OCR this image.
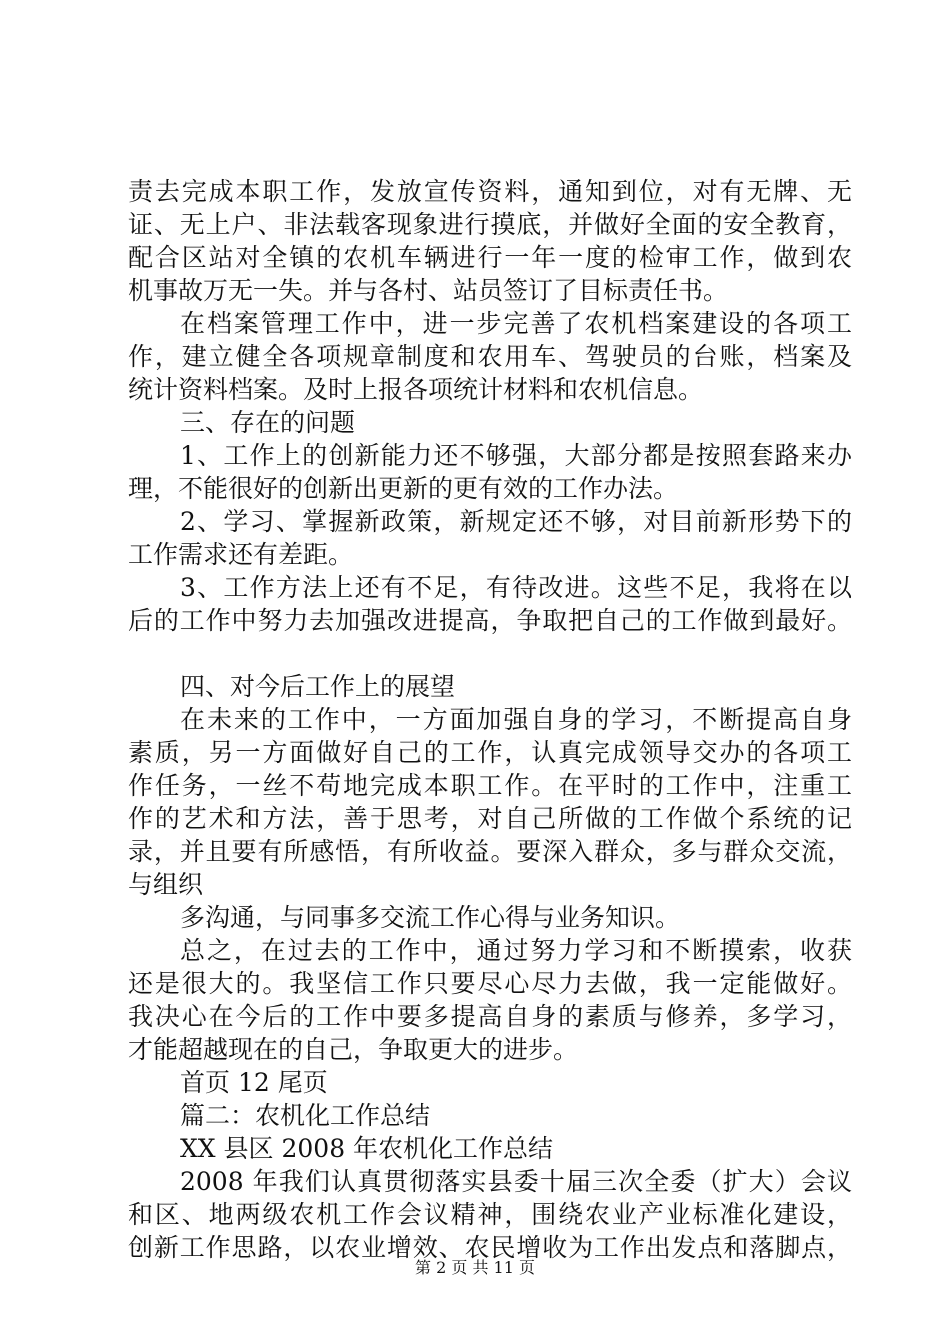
责去完成本职工作，发放宣传资料，通知到位，对有无牌、无
证、无上户、非法载客现象进行摸底，并做好全面的安全教育，
配合区站对全镇的农机车辆进行一年一度的检审工作，做到农
机事故万无一失。并与各村、站员签订了目标责任书。
在档案管理工作中，进一步完善了农机档案建设的各项工
作，建立健全各项规章制度和农用车、驾驶员的台账，档案及
统计资料档案。及时上报各项统计材料和农机信息。
三、存在的问题
1、工作上的创新能力还不够强，大部分都是按照套路来办
理，不能很好的创新出更新的更有效的工作办法。
2、学习、掌握新政策，新规定还不够，对目前新形势下的
工作需求还有差距。
3、工作方法上还有不足，有待改进。这些不足，我将在以
后的工作中努力去加强改进提高，争取把自己的工作做到最好。
四、对今后工作上的展望
在未来的工作中，一方面加强自身的学习，不断提高自身
素质，另一方面做好自己的工作，认真完成领导交办的各项工
作任务，一丝不苟地完成本职工作。在平时的工作中，注重工
作的艺术和方法，善于思考，对自己所做的工作做个系统的记
录，并且要有所感悟，有所收益。要深入群众，多与群众交流，
与组织
多沟通，与同事多交流工作心得与业务知识。
总之，在过去的工作中，通过努力学习和不断摸索，收获
还是很大的。我坚信工作只要尽心尽力去做，我一定能做好。
我决心在今后的工作中要多提高自身的素质与修养，多学习，
才能超越现在的自己，争取更大的进步。
首页 12 尾页
篇二：农机化工作总结
XX 县区 2008 年农机化工作总结
2008 年我们认真贯彻落实县委十届三次全委（扩大）会议
和区、地两级农机工作会议精神，围绕农业产业标准化建设，
创新工作思路，以农业增效、农民增收为工作出发点和落脚点，
第 2 页 共 11 页
